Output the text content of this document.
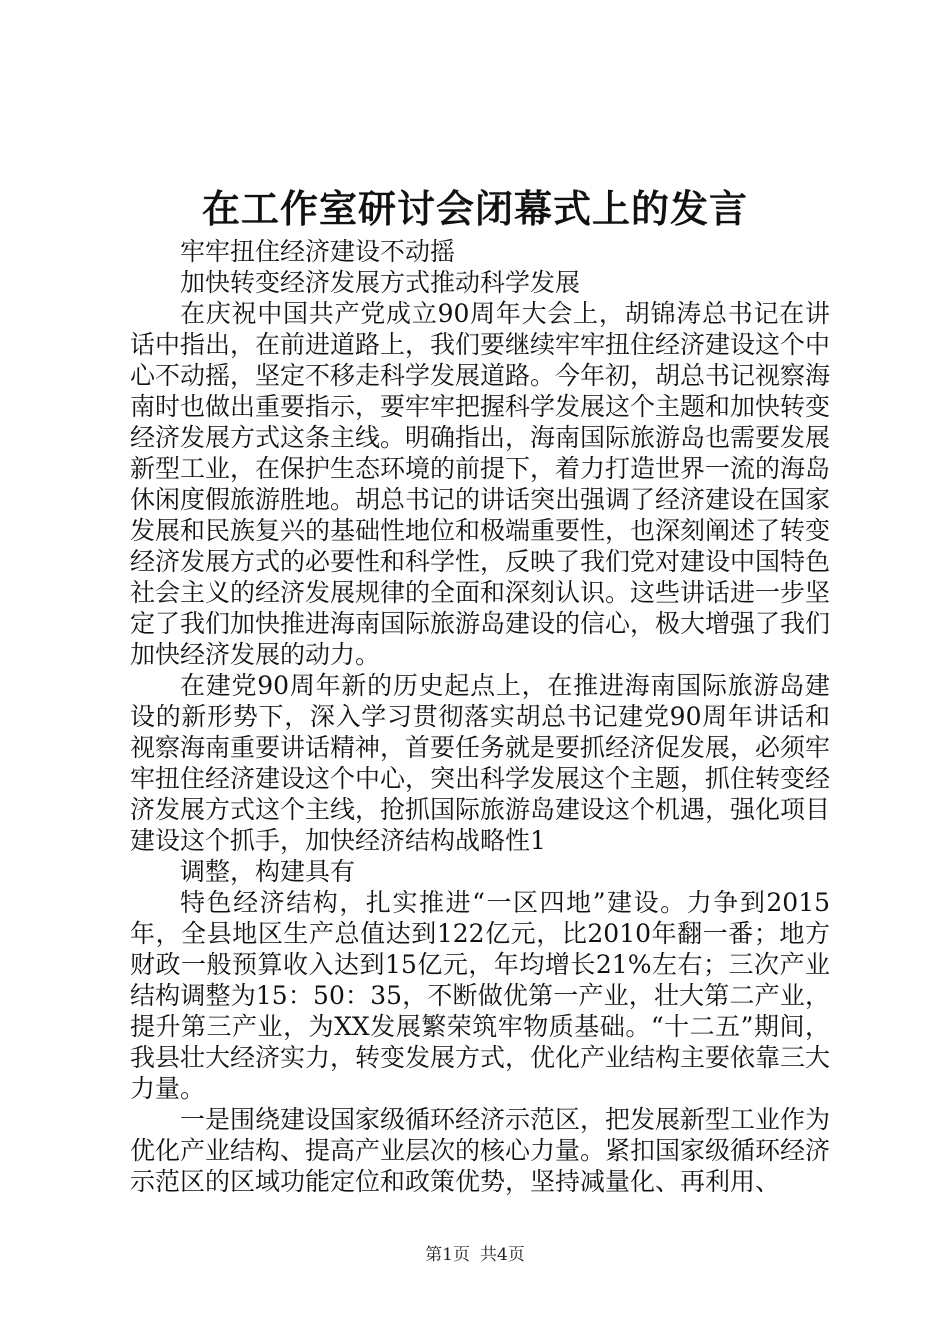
在工作室研讨会闭幕式上的发言

牢牢扭住经济建设不动摇

加快转变经济发展方式推动科学发展

在庆祝中国共产党成立90周年大会上，胡锦涛总书记在讲话中指出，在前进道路上，我们要继续牢牢扭住经济建设这个中心不动摇，坚定不移走科学发展道路。今年初，胡总书记视察海南时也做出重要指示，要牢牢把握科学发展这个主题和加快转变经济发展方式这条主线。明确指出，海南国际旅游岛也需要发展新型工业，在保护生态环境的前提下，着力打造世界一流的海岛休闲度假旅游胜地。胡总书记的讲话突出强调了经济建设在国家发展和民族复兴的基础性地位和极端重要性，也深刻阐述了转变经济发展方式的必要性和科学性，反映了我们党对建设中国特色社会主义的经济发展规律的全面和深刻认识。这些讲话进一步坚定了我们加快推进海南国际旅游岛建设的信心，极大增强了我们加快经济发展的动力。

在建党90周年新的历史起点上，在推进海南国际旅游岛建设的新形势下，深入学习贯彻落实胡总书记建党90周年讲话和视察海南重要讲话精神，首要任务就是要抓经济促发展，必须牢牢扭住经济建设这个中心，突出科学发展这个主题，抓住转变经济发展方式这个主线，抢抓国际旅游岛建设这个机遇，强化项目建设这个抓手，加快经济结构战略性1

调整，构建具有

特色经济结构，扎实推进“一区四地”建设。力争到2015年，全县地区生产总值达到122亿元，比2010年翻一番；地方财政一般预算收入达到15亿元，年均增长21%左右；三次产业结构调整为15：50：35，不断做优第一产业，壮大第二产业，提升第三产业，为XX发展繁荣筑牢物质基础。“十二五”期间，我县壮大经济实力，转变发展方式，优化产业结构主要依靠三大力量。

一是围绕建设国家级循环经济示范区，把发展新型工业作为优化产业结构、提高产业层次的核心力量。紧扣国家级循环经济示范区的区域功能定位和政策优势，坚持减量化、再利用、

第1页 共4页
